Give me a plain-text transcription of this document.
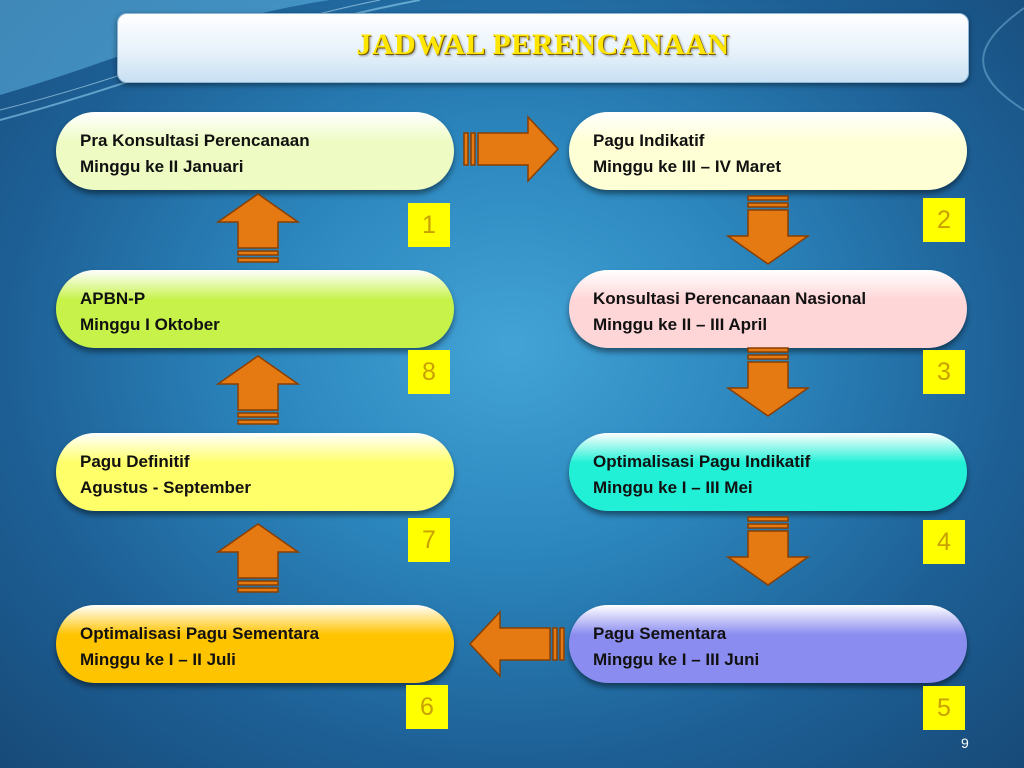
JADWAL PERENCANAAN
Pra Konsultasi Perencanaan
Minggu ke II Januari
Pagu Indikatif
Minggu ke III – IV Maret
APBN-P
Minggu I Oktober
Konsultasi Perencanaan Nasional
Minggu ke II – III April
Pagu Definitif
Agustus - September
Optimalisasi Pagu Indikatif
Minggu ke I – III Mei
Optimalisasi Pagu Sementara
Minggu ke I – II Juli
Pagu Sementara
Minggu ke I – III Juni
1	2
8	3
7	4
6	5
9
